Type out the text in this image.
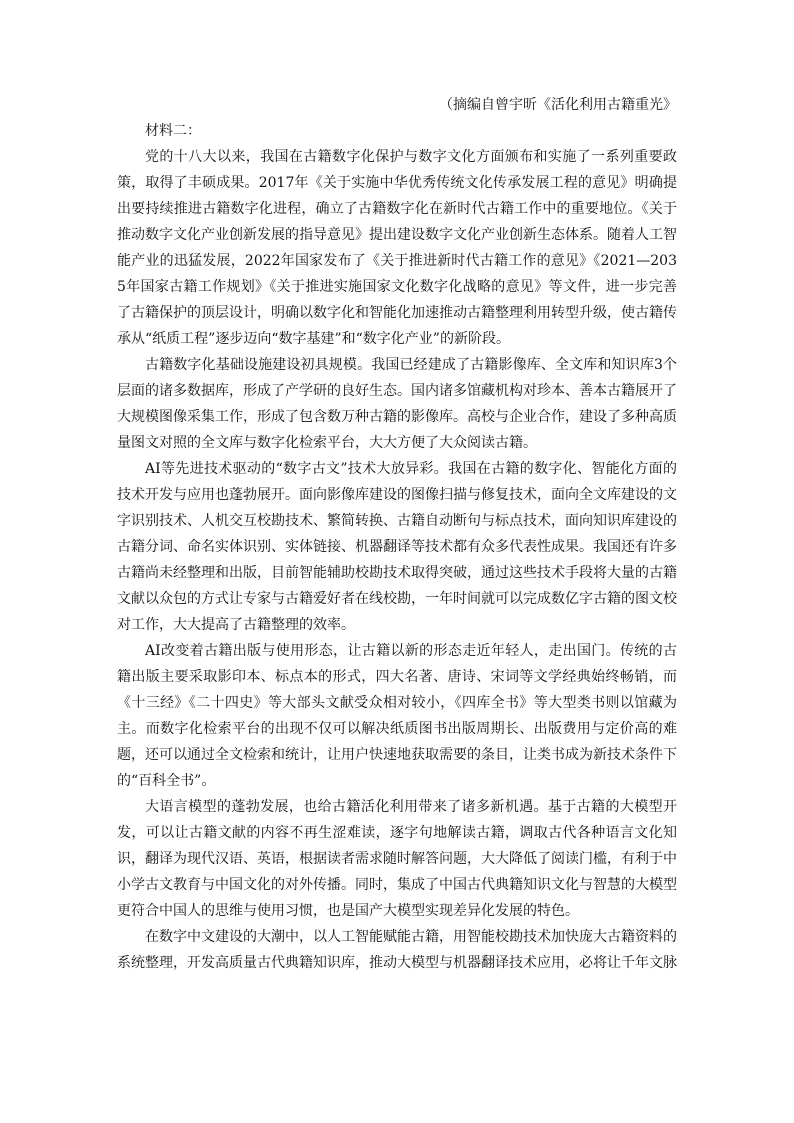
（摘编自曾宇昕《活化利用古籍重光》

材料二：

党的十八大以来，我国在古籍数字化保护与数字文化方面颁布和实施了一系列重要政策，取得了丰硕成果。2017年《关于实施中华优秀传统文化传承发展工程的意见》明确提出要持续推进古籍数字化进程，确立了古籍数字化在新时代古籍工作中的重要地位。《关于推动数字文化产业创新发展的指导意见》提出建设数字文化产业创新生态体系。随着人工智能产业的迅猛发展，2022年国家发布了《关于推进新时代古籍工作的意见》《2021—2035年国家古籍工作规划》《关于推进实施国家文化数字化战略的意见》等文件，进一步完善了古籍保护的顶层设计，明确以数字化和智能化加速推动古籍整理利用转型升级，使古籍传承从“纸质工程”逐步迈向“数字基建”和“数字化产业”的新阶段。

古籍数字化基础设施建设初具规模。我国已经建成了古籍影像库、全文库和知识库3个层面的诸多数据库，形成了产学研的良好生态。国内诸多馆藏机构对珍本、善本古籍展开了大规模图像采集工作，形成了包含数万种古籍的影像库。高校与企业合作，建设了多种高质量图文对照的全文库与数字化检索平台，大大方便了大众阅读古籍。

AI等先进技术驱动的“数字古文”技术大放异彩。我国在古籍的数字化、智能化方面的技术开发与应用也蓬勃展开。面向影像库建设的图像扫描与修复技术，面向全文库建设的文字识别技术、人机交互校勘技术、繁简转换、古籍自动断句与标点技术，面向知识库建设的古籍分词、命名实体识别、实体链接、机器翻译等技术都有众多代表性成果。我国还有许多古籍尚未经整理和出版，目前智能辅助校勘技术取得突破，通过这些技术手段将大量的古籍文献以众包的方式让专家与古籍爱好者在线校勘，一年时间就可以完成数亿字古籍的图文校对工作，大大提高了古籍整理的效率。

AI改变着古籍出版与使用形态，让古籍以新的形态走近年轻人，走出国门。传统的古籍出版主要采取影印本、标点本的形式，四大名著、唐诗、宋词等文学经典始终畅销，而《十三经》《二十四史》等大部头文献受众相对较小，《四库全书》等大型类书则以馆藏为主。而数字化检索平台的出现不仅可以解决纸质图书出版周期长、出版费用与定价高的难题，还可以通过全文检索和统计，让用户快速地获取需要的条目，让类书成为新技术条件下的“百科全书”。

大语言模型的蓬勃发展，也给古籍活化利用带来了诸多新机遇。基于古籍的大模型开发，可以让古籍文献的内容不再生涩难读，逐字句地解读古籍，调取古代各种语言文化知识，翻译为现代汉语、英语，根据读者需求随时解答问题，大大降低了阅读门槛，有利于中小学古文教育与中国文化的对外传播。同时，集成了中国古代典籍知识文化与智慧的大模型更符合中国人的思维与使用习惯，也是国产大模型实现差异化发展的特色。

在数字中文建设的大潮中，以人工智能赋能古籍，用智能校勘技术加快庞大古籍资料的系统整理，开发高质量古代典籍知识库，推动大模型与机器翻译技术应用，必将让千年文脉
